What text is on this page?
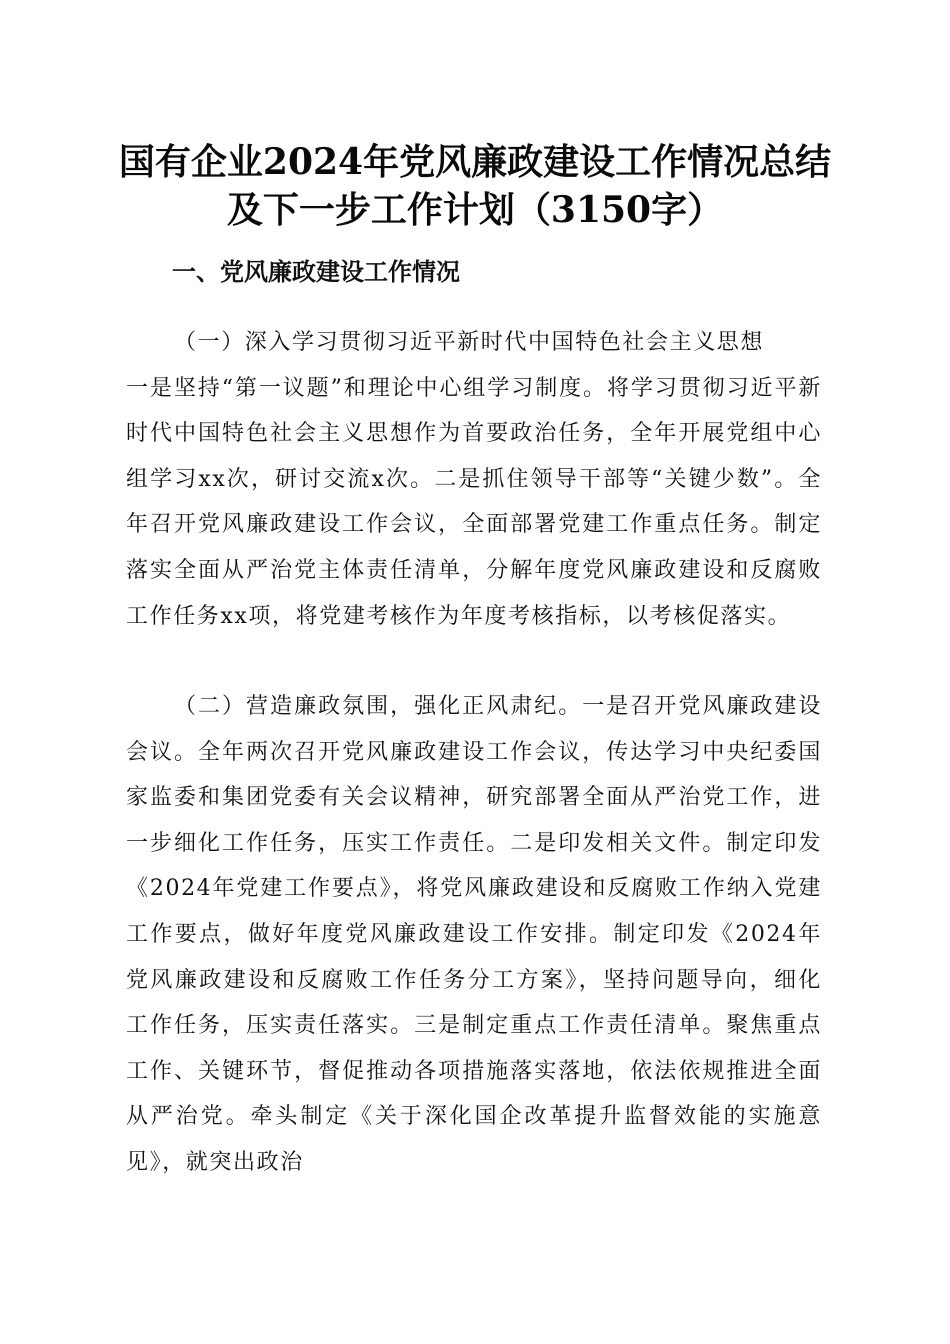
国有企业2024年党风廉政建设工作情况总结
及下一步工作计划（3150字）
一、党风廉政建设工作情况
（一）深入学习贯彻习近平新时代中国特色社会主义思想
一是坚持“第一议题”和理论中心组学习制度。将学习贯彻习近平新时代中国特色社会主义思想作为首要政治任务，全年开展党组中心组学习xx次，研讨交流x次。二是抓住领导干部等“关键少数”。全年召开党风廉政建设工作会议，全面部署党建工作重点任务。制定落实全面从严治党主体责任清单，分解年度党风廉政建设和反腐败工作任务xx项，将党建考核作为年度考核指标，以考核促落实。

（二）营造廉政氛围，强化正风肃纪。一是召开党风廉政建设会议。全年两次召开党风廉政建设工作会议，传达学习中央纪委国家监委和集团党委有关会议精神，研究部署全面从严治党工作，进一步细化工作任务，压实工作责任。二是印发相关文件。制定印发《2024年党建工作要点》，将党风廉政建设和反腐败工作纳入党建工作要点，做好年度党风廉政建设工作安排。制定印发《2024年党风廉政建设和反腐败工作任务分工方案》，坚持问题导向，细化工作任务，压实责任落实。三是制定重点工作责任清单。聚焦重点工作、关键环节，督促推动各项措施落实落地，依法依规推进全面从严治党。牵头制定《关于深化国企改革提升监督效能的实施意见》，就突出政治
